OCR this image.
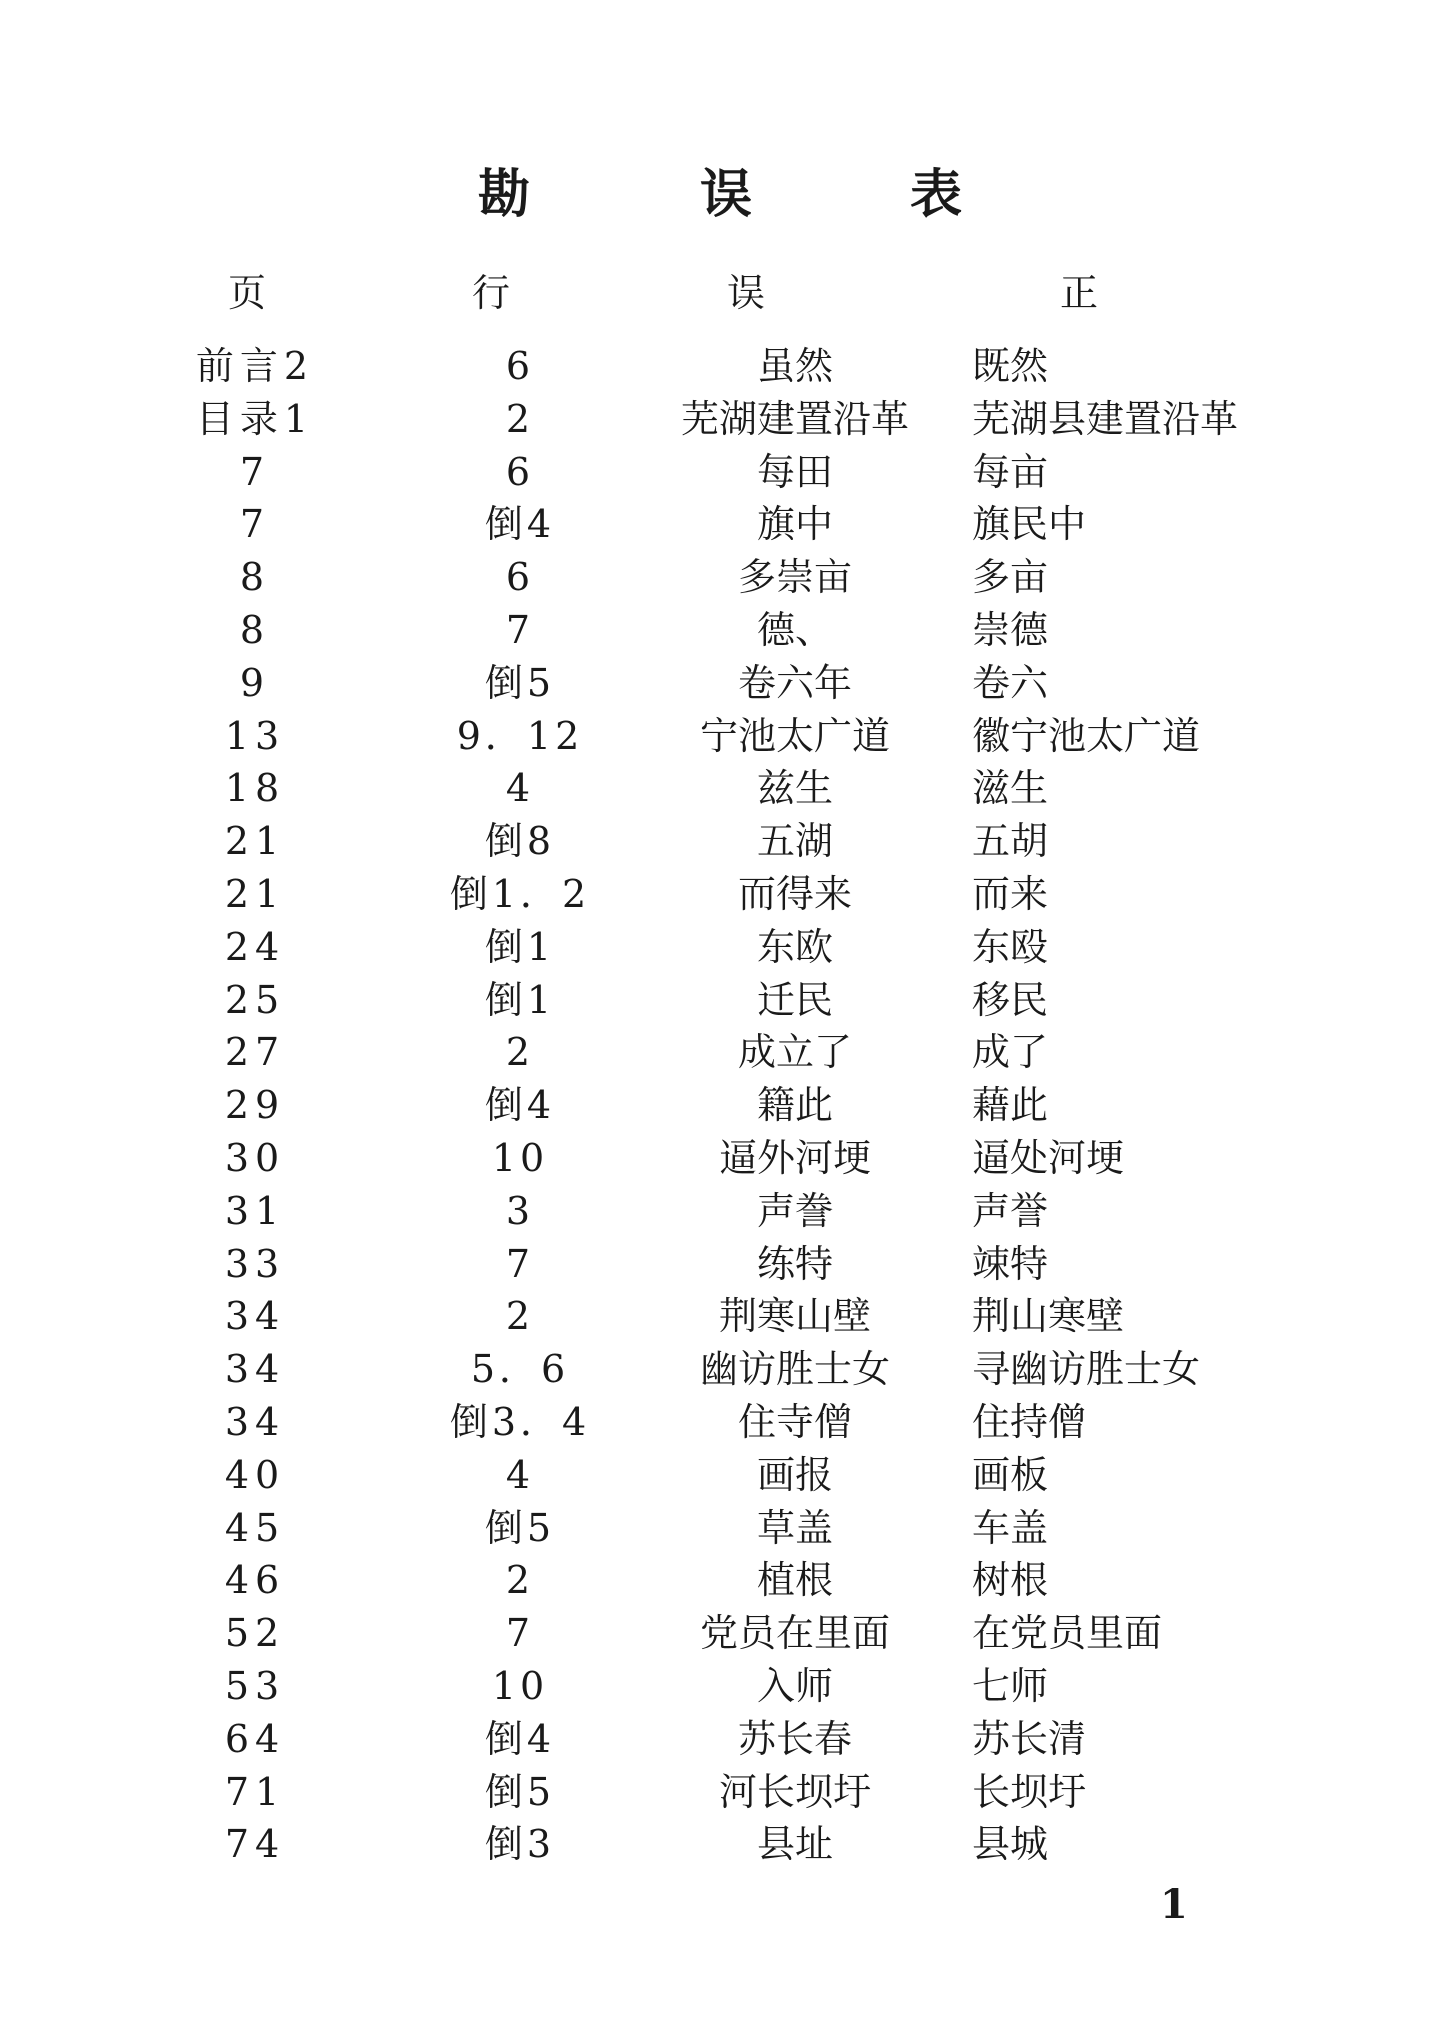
勘	误	表
页	行	误	正
前言2	6	虽然	既然
目录1	2	芜湖建置沿革	芜湖县建置沿革
7	6	每田	每亩
7	倒4	旗中	旗民中
8	6	多崇亩	多亩
8	7	德、	崇德
9	倒5	卷六年	卷六
13	9．12	宁池太广道	徽宁池太广道
18	4	兹生	滋生
21	倒8	五湖	五胡
21	倒1．2	而得来	而来
24	倒1	东欧	东殴
25	倒1	迁民	移民
27	2	成立了	成了
29	倒4	籍此	藉此
30	10	逼外河埂	逼处河埂
31	3	声誊	声誉
33	7	练特	竦特
34	2	荆寒山壁	荆山寒壁
34	5．6	幽访胜士女	寻幽访胜士女
34	倒3．4	住寺僧	住持僧
40	4	画报	画板
45	倒5	草盖	车盖
46	2	植根	树根
52	7	党员在里面	在党员里面
53	10	入师	七师
64	倒4	苏长春	苏长清
71	倒5	河长坝圩	长坝圩
74	倒3	县址	县城
1
